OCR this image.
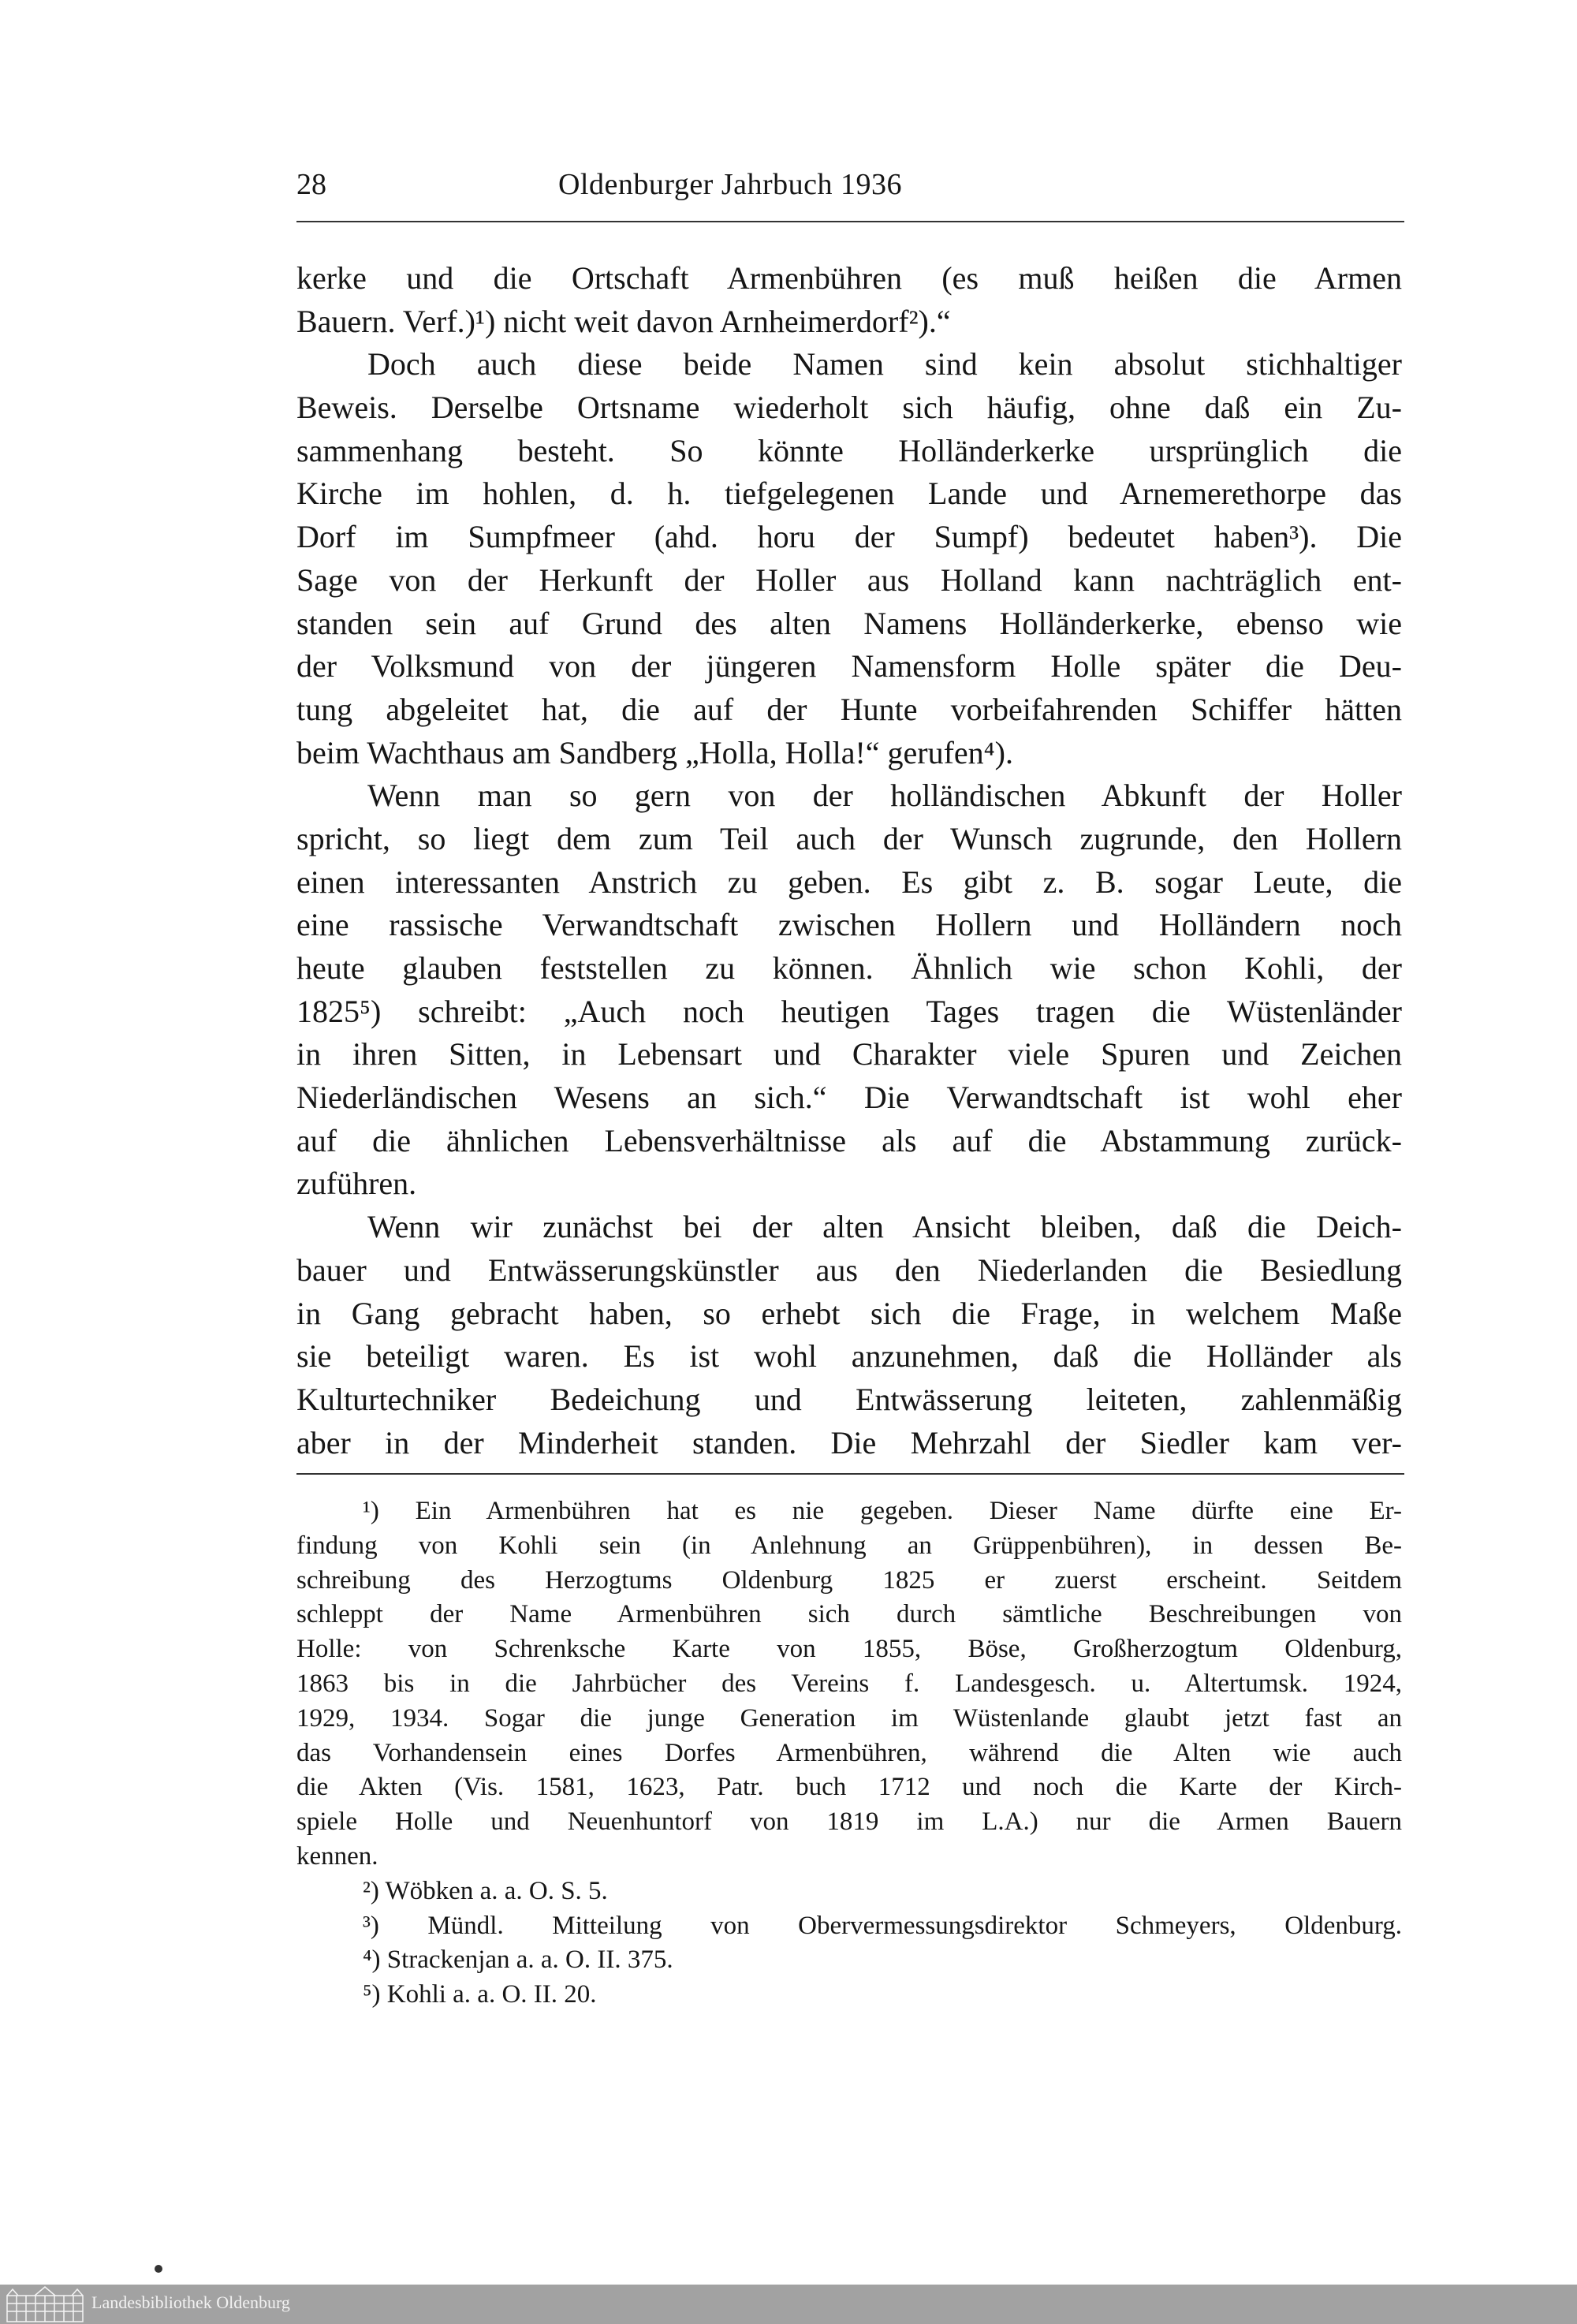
28	Oldenburger Jahrbuch 1936
kerke und die Ortschaft Armenbühren (es muß heißen die Armen
Bauern. Verf.)¹) nicht weit davon Arnheimerdorf²).“
Doch auch diese beide Namen sind kein absolut stichhaltiger
Beweis. Derselbe Ortsname wiederholt sich häufig, ohne daß ein Zu-
sammenhang besteht. So könnte Holländerkerke ursprünglich die
Kirche im hohlen, d. h. tiefgelegenen Lande und Arnemerethorpe das
Dorf im Sumpfmeer (ahd. horu der Sumpf) bedeutet haben³). Die
Sage von der Herkunft der Holler aus Holland kann nachträglich ent-
standen sein auf Grund des alten Namens Holländerkerke, ebenso wie
der Volksmund von der jüngeren Namensform Holle später die Deu-
tung abgeleitet hat, die auf der Hunte vorbeifahrenden Schiffer hätten
beim Wachthaus am Sandberg „Holla, Holla!“ gerufen⁴).
Wenn man so gern von der holländischen Abkunft der Holler
spricht, so liegt dem zum Teil auch der Wunsch zugrunde, den Hollern
einen interessanten Anstrich zu geben. Es gibt z. B. sogar Leute, die
eine rassische Verwandtschaft zwischen Hollern und Holländern noch
heute glauben feststellen zu können. Ähnlich wie schon Kohli, der
1825⁵) schreibt: „Auch noch heutigen Tages tragen die Wüstenländer
in ihren Sitten, in Lebensart und Charakter viele Spuren und Zeichen
Niederländischen Wesens an sich.“ Die Verwandtschaft ist wohl eher
auf die ähnlichen Lebensverhältnisse als auf die Abstammung zurück-
zuführen.
Wenn wir zunächst bei der alten Ansicht bleiben, daß die Deich-
bauer und Entwässerungskünstler aus den Niederlanden die Besiedlung
in Gang gebracht haben, so erhebt sich die Frage, in welchem Maße
sie beteiligt waren. Es ist wohl anzunehmen, daß die Holländer als
Kulturtechniker Bedeichung und Entwässerung leiteten, zahlenmäßig
aber in der Minderheit standen. Die Mehrzahl der Siedler kam ver-
¹) Ein Armenbühren hat es nie gegeben. Dieser Name dürfte eine Er-
findung von Kohli sein (in Anlehnung an Grüppenbühren), in dessen Be-
schreibung des Herzogtums Oldenburg 1825 er zuerst erscheint. Seitdem
schleppt der Name Armenbühren sich durch sämtliche Beschreibungen von
Holle: von Schrenksche Karte von 1855, Böse, Großherzogtum Oldenburg,
1863 bis in die Jahrbücher des Vereins f. Landesgesch. u. Altertumsk. 1924,
1929, 1934. Sogar die junge Generation im Wüstenlande glaubt jetzt fast an
das Vorhandensein eines Dorfes Armenbühren, während die Alten wie auch
die Akten (Vis. 1581, 1623, Patr. buch 1712 und noch die Karte der Kirch-
spiele Holle und Neuenhuntorf von 1819 im L.A.) nur die Armen Bauern
kennen.
²) Wöbken a. a. O. S. 5.
³) Mündl. Mitteilung von Obervermessungsdirektor Schmeyers, Oldenburg.
⁴) Strackenjan a. a. O. II. 375.
⁵) Kohli a. a. O. II. 20.
Landesbibliothek Oldenburg
